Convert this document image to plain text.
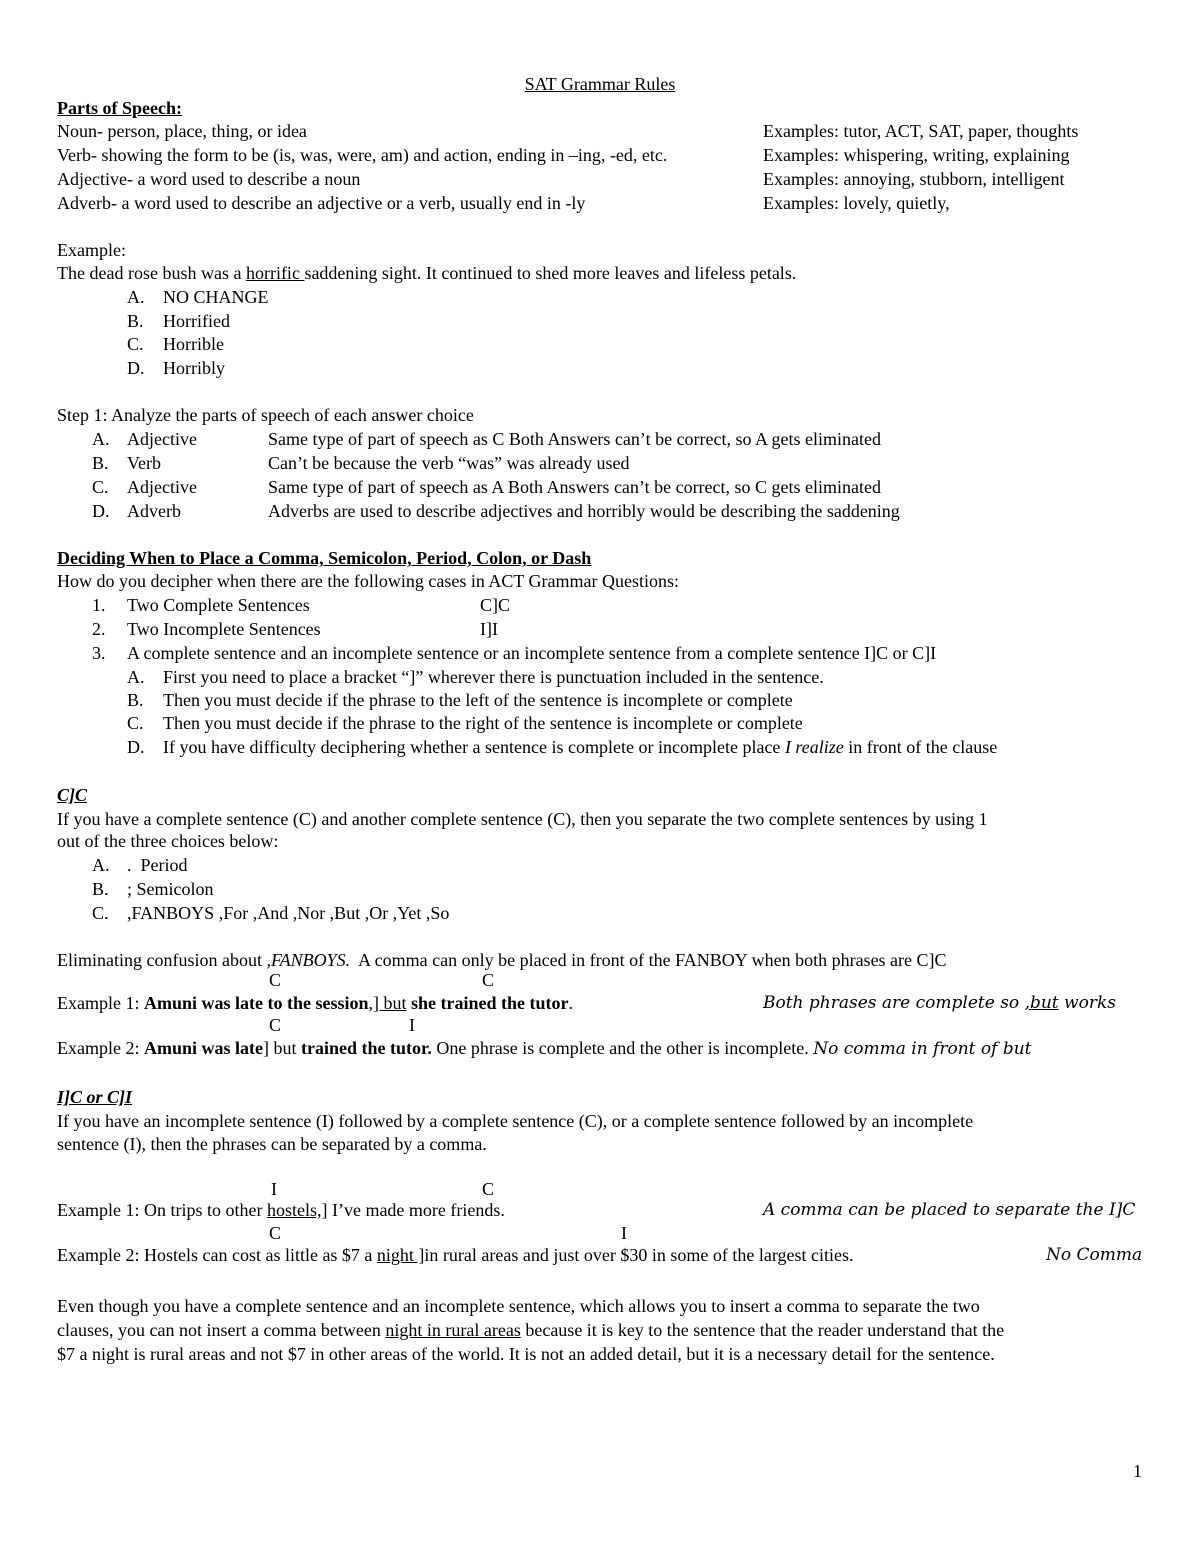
SAT Grammar Rules
Parts of Speech:
Noun- person, place, thing, or idea	Examples: tutor, ACT, SAT, paper, thoughts
Verb- showing the form to be (is, was, were, am) and action, ending in –ing, -ed, etc.	Examples: whispering, writing, explaining
Adjective- a word used to describe a noun	Examples: annoying, stubborn, intelligent
Adverb- a word used to describe an adjective or a verb, usually end in -ly	Examples: lovely, quietly,
Example:
The dead rose bush was a horrific saddening sight. It continued to shed more leaves and lifeless petals.
A. NO CHANGE
B. Horrified
C. Horrible
D. Horribly
Step 1: Analyze the parts of speech of each answer choice
A. Adjective	Same type of part of speech as C Both Answers can’t be correct, so A gets eliminated
B. Verb	Can’t be because the verb “was” was already used
C. Adjective	Same type of part of speech as A Both Answers can’t be correct, so C gets eliminated
D. Adverb	Adverbs are used to describe adjectives and horribly would be describing the saddening
Deciding When to Place a Comma, Semicolon, Period, Colon, or Dash
How do you decipher when there are the following cases in ACT Grammar Questions:
1. Two Complete Sentences	C]C
2. Two Incomplete Sentences	I]I
3. A complete sentence and an incomplete sentence or an incomplete sentence from a complete sentence I]C or C]I
A. First you need to place a bracket “]” wherever there is punctuation included in the sentence.
B. Then you must decide if the phrase to the left of the sentence is incomplete or complete
C. Then you must decide if the phrase to the right of the sentence is incomplete or complete
D. If you have difficulty deciphering whether a sentence is complete or incomplete place I realize in front of the clause
C]C
If you have a complete sentence (C) and another complete sentence (C), then you separate the two complete sentences by using 1
out of the three choices below:
A. .  Period
B. ; Semicolon
C. ,FANBOYS ,For ,And ,Nor ,But ,Or ,Yet ,So
Eliminating confusion about ,FANBOYS.  A comma can only be placed in front of the FANBOY when both phrases are C]C
C	C
Example 1: Amuni was late to the session,] but she trained the tutor.	Both phrases are complete so ,but works
C	I
Example 2: Amuni was late] but trained the tutor. One phrase is complete and the other is incomplete. No comma in front of but
I]C or C]I
If you have an incomplete sentence (I) followed by a complete sentence (C), or a complete sentence followed by an incomplete
sentence (I), then the phrases can be separated by a comma.
I	C
Example 1: On trips to other hostels,] I’ve made more friends.	A comma can be placed to separate the I]C
C	I
Example 2: Hostels can cost as little as $7 a night ]in rural areas and just over $30 in some of the largest cities.	No Comma
Even though you have a complete sentence and an incomplete sentence, which allows you to insert a comma to separate the two
clauses, you can not insert a comma between night in rural areas because it is key to the sentence that the reader understand that the
$7 a night is rural areas and not $7 in other areas of the world. It is not an added detail, but it is a necessary detail for the sentence.
1
